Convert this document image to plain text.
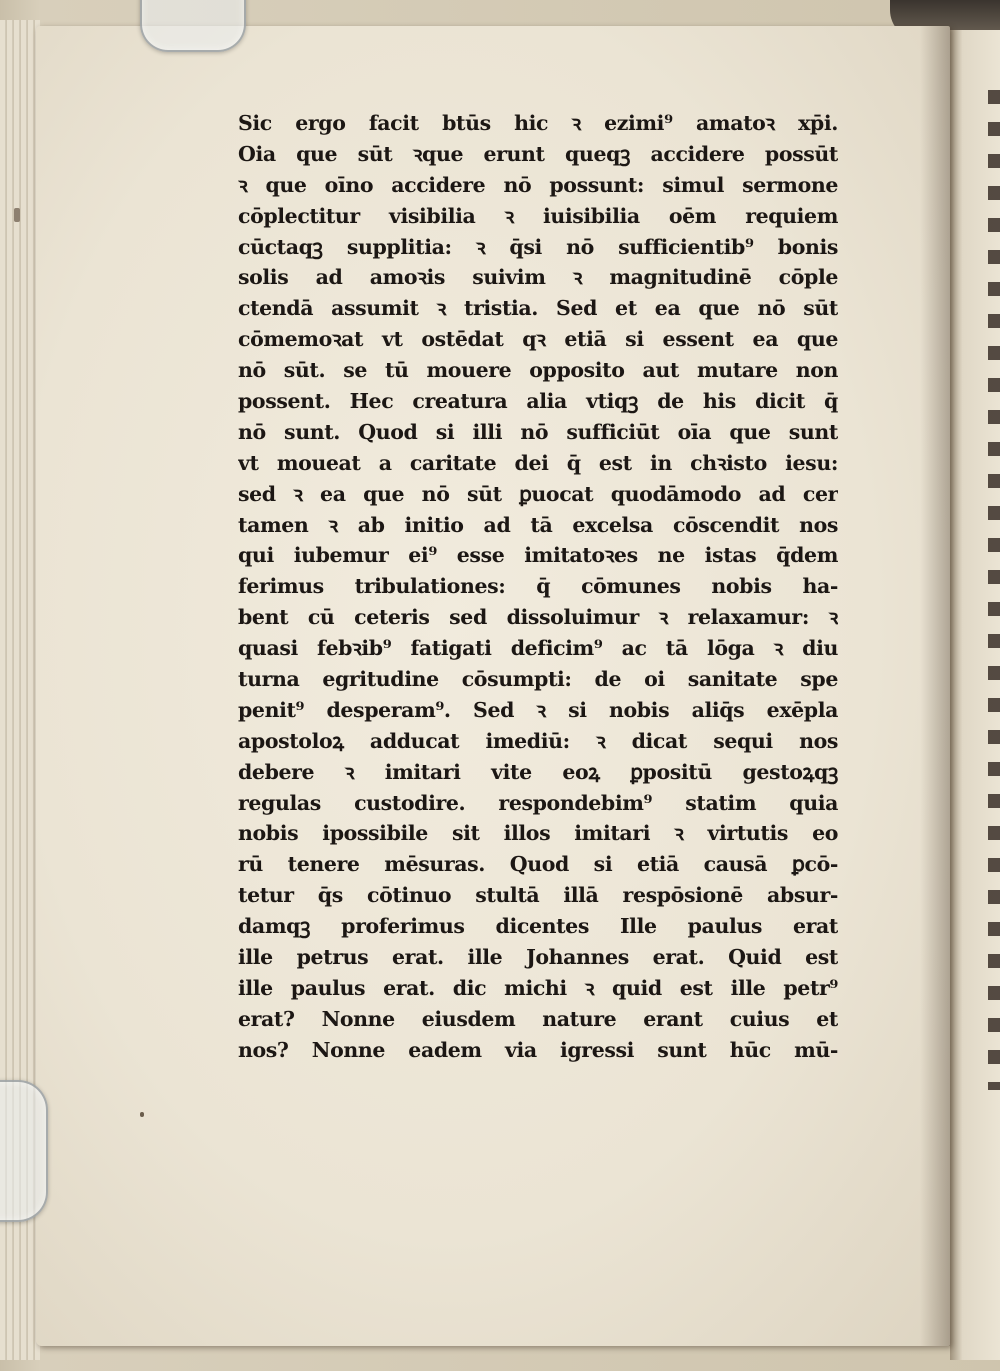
Sic ergo facit btūs hic ꝛ ezimi⁹ amatoꝛ xp̄i.
Oia que sūt ꝛque erunt queqꝫ accidere possūt
ꝛ que oīno accidere nō possunt: simul sermone
cōplectitur visibilia ꝛ iuisibilia oēm requiem
cūctaqꝫ supplitia: ꝛ q̄si nō sufficientib⁹ bonis
solis ad amoꝛis suivim ꝛ magnitudinē cōple
ctendā assumit ꝛ tristia. Sed et ea que nō sūt
cōmemoꝛat vt ostēdat qꝛ etiā si essent ea que
nō sūt. se tū mouere opposito aut mutare non
possent. Hec creatura alia vtiqꝫ de his dicit q̄
nō sunt. Quod si illi nō sufficiūt oīa que sunt
vt moueat a caritate dei q̄ est in chꝛisto iesu:
sed ꝛ ea que nō sūt ꝑuocat quodāmodo ad cer
tamen ꝛ ab initio ad tā excelsa cōscendit nos
qui iubemur ei⁹ esse imitatoꝛes ne istas q̄dem
ferimus tribulationes: q̄ cōmunes nobis ha-
bent cū ceteris sed dissoluimur ꝛ relaxamur: ꝛ
quasi febꝛib⁹ fatigati deficim⁹ ac tā lōga ꝛ diu
turna egritudine cōsumpti: de oi sanitate spe
penit⁹ desperam⁹. Sed ꝛ si nobis aliq̄s exēpla
apostoloꝝ adducat imediū: ꝛ dicat sequi nos
debere ꝛ imitari vite eoꝝ ꝑpositū gestoꝝqꝫ
regulas custodire. respondebim⁹ statim quia
nobis ipossibile sit illos imitari ꝛ virtutis eo
rū tenere mēsuras. Quod si etiā causā ꝑcō-
tetur q̄s cōtinuo stultā illā respōsionē absur-
damqꝫ proferimus dicentes Ille paulus erat
ille petrus erat. ille Johannes erat. Quid est
ille paulus erat. dic michi ꝛ quid est ille petr⁹
erat? Nonne eiusdem nature erant cuius et
nos? Nonne eadem via igressi sunt hūc mū-
